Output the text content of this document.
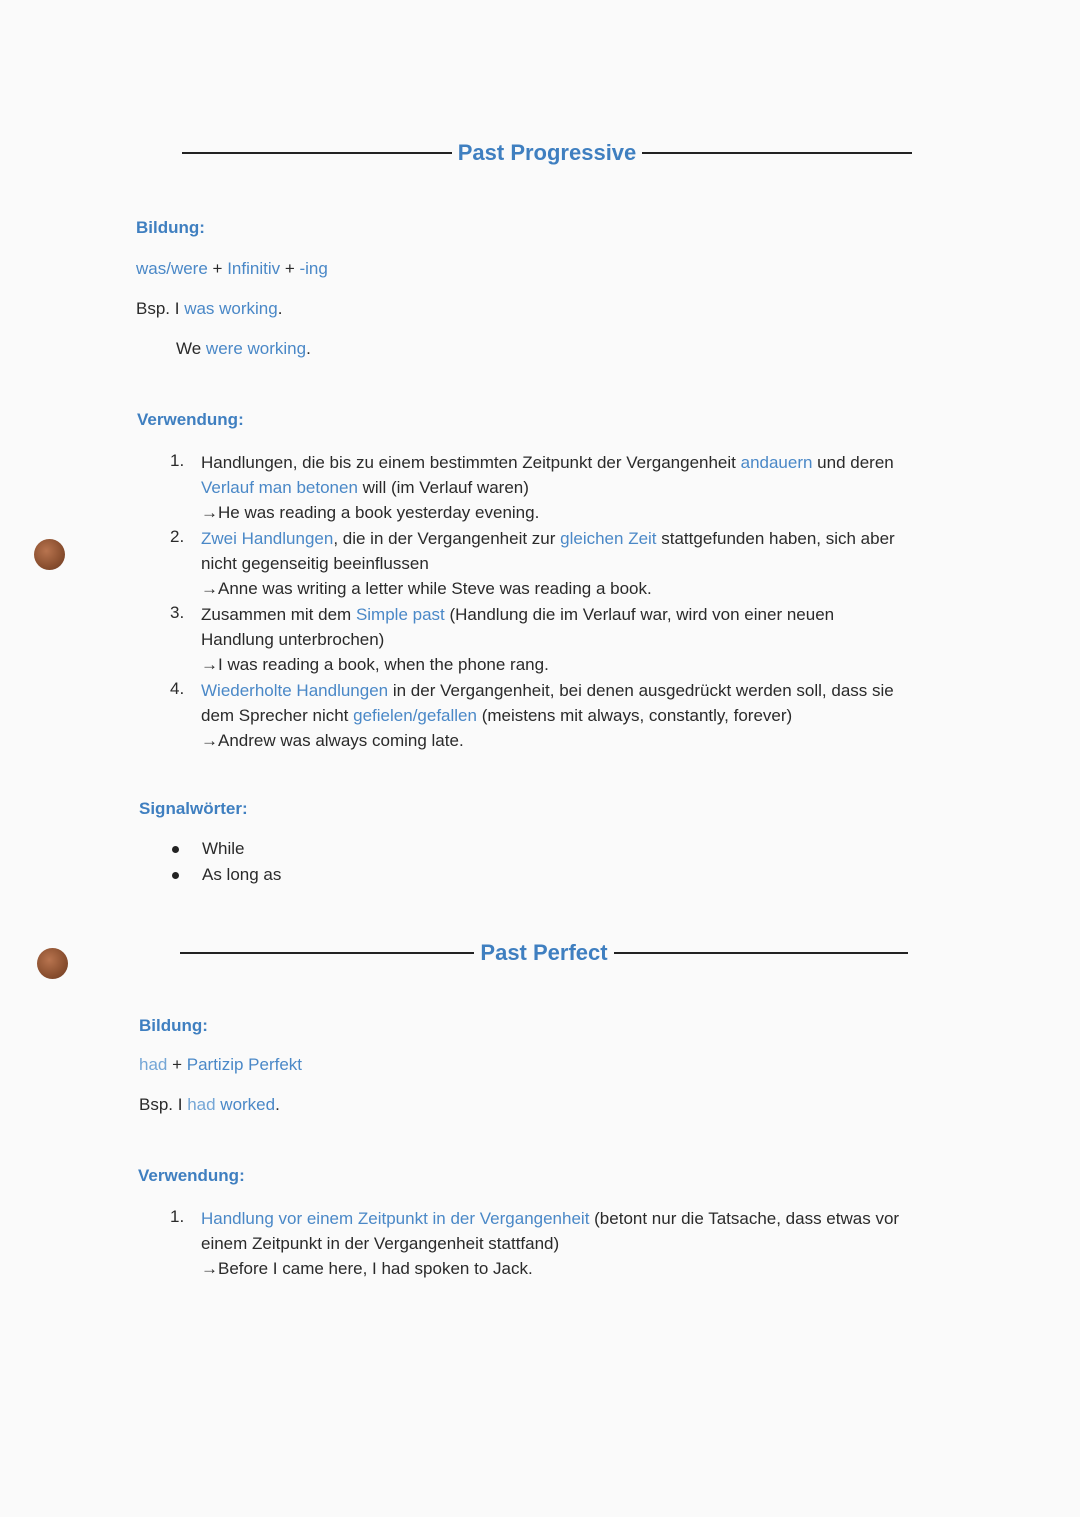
Past Progressive
Bildung:
was/were + Infinitiv + -ing
Bsp. I was working.
We were working.
Verwendung:
1. Handlungen, die bis zu einem bestimmten Zeitpunkt der Vergangenheit andauern und deren
Verlauf man betonen will (im Verlauf waren)
→He was reading a book yesterday evening.
2. Zwei Handlungen, die in der Vergangenheit zur gleichen Zeit stattgefunden haben, sich aber
nicht gegenseitig beeinflussen
→Anne was writing a letter while Steve was reading a book.
3. Zusammen mit dem Simple past (Handlung die im Verlauf war, wird von einer neuen
Handlung unterbrochen)
→I was reading a book, when the phone rang.
4. Wiederholte Handlungen in der Vergangenheit, bei denen ausgedrückt werden soll, dass sie
dem Sprecher nicht gefielen/gefallen (meistens mit always, constantly, forever)
→Andrew was always coming late.
Signalwörter:
While
As long as
Past Perfect
Bildung:
had + Partizip Perfekt
Bsp. I had worked.
Verwendung:
1. Handlung vor einem Zeitpunkt in der Vergangenheit (betont nur die Tatsache, dass etwas vor
einem Zeitpunkt in der Vergangenheit stattfand)
→Before I came here, I had spoken to Jack.
